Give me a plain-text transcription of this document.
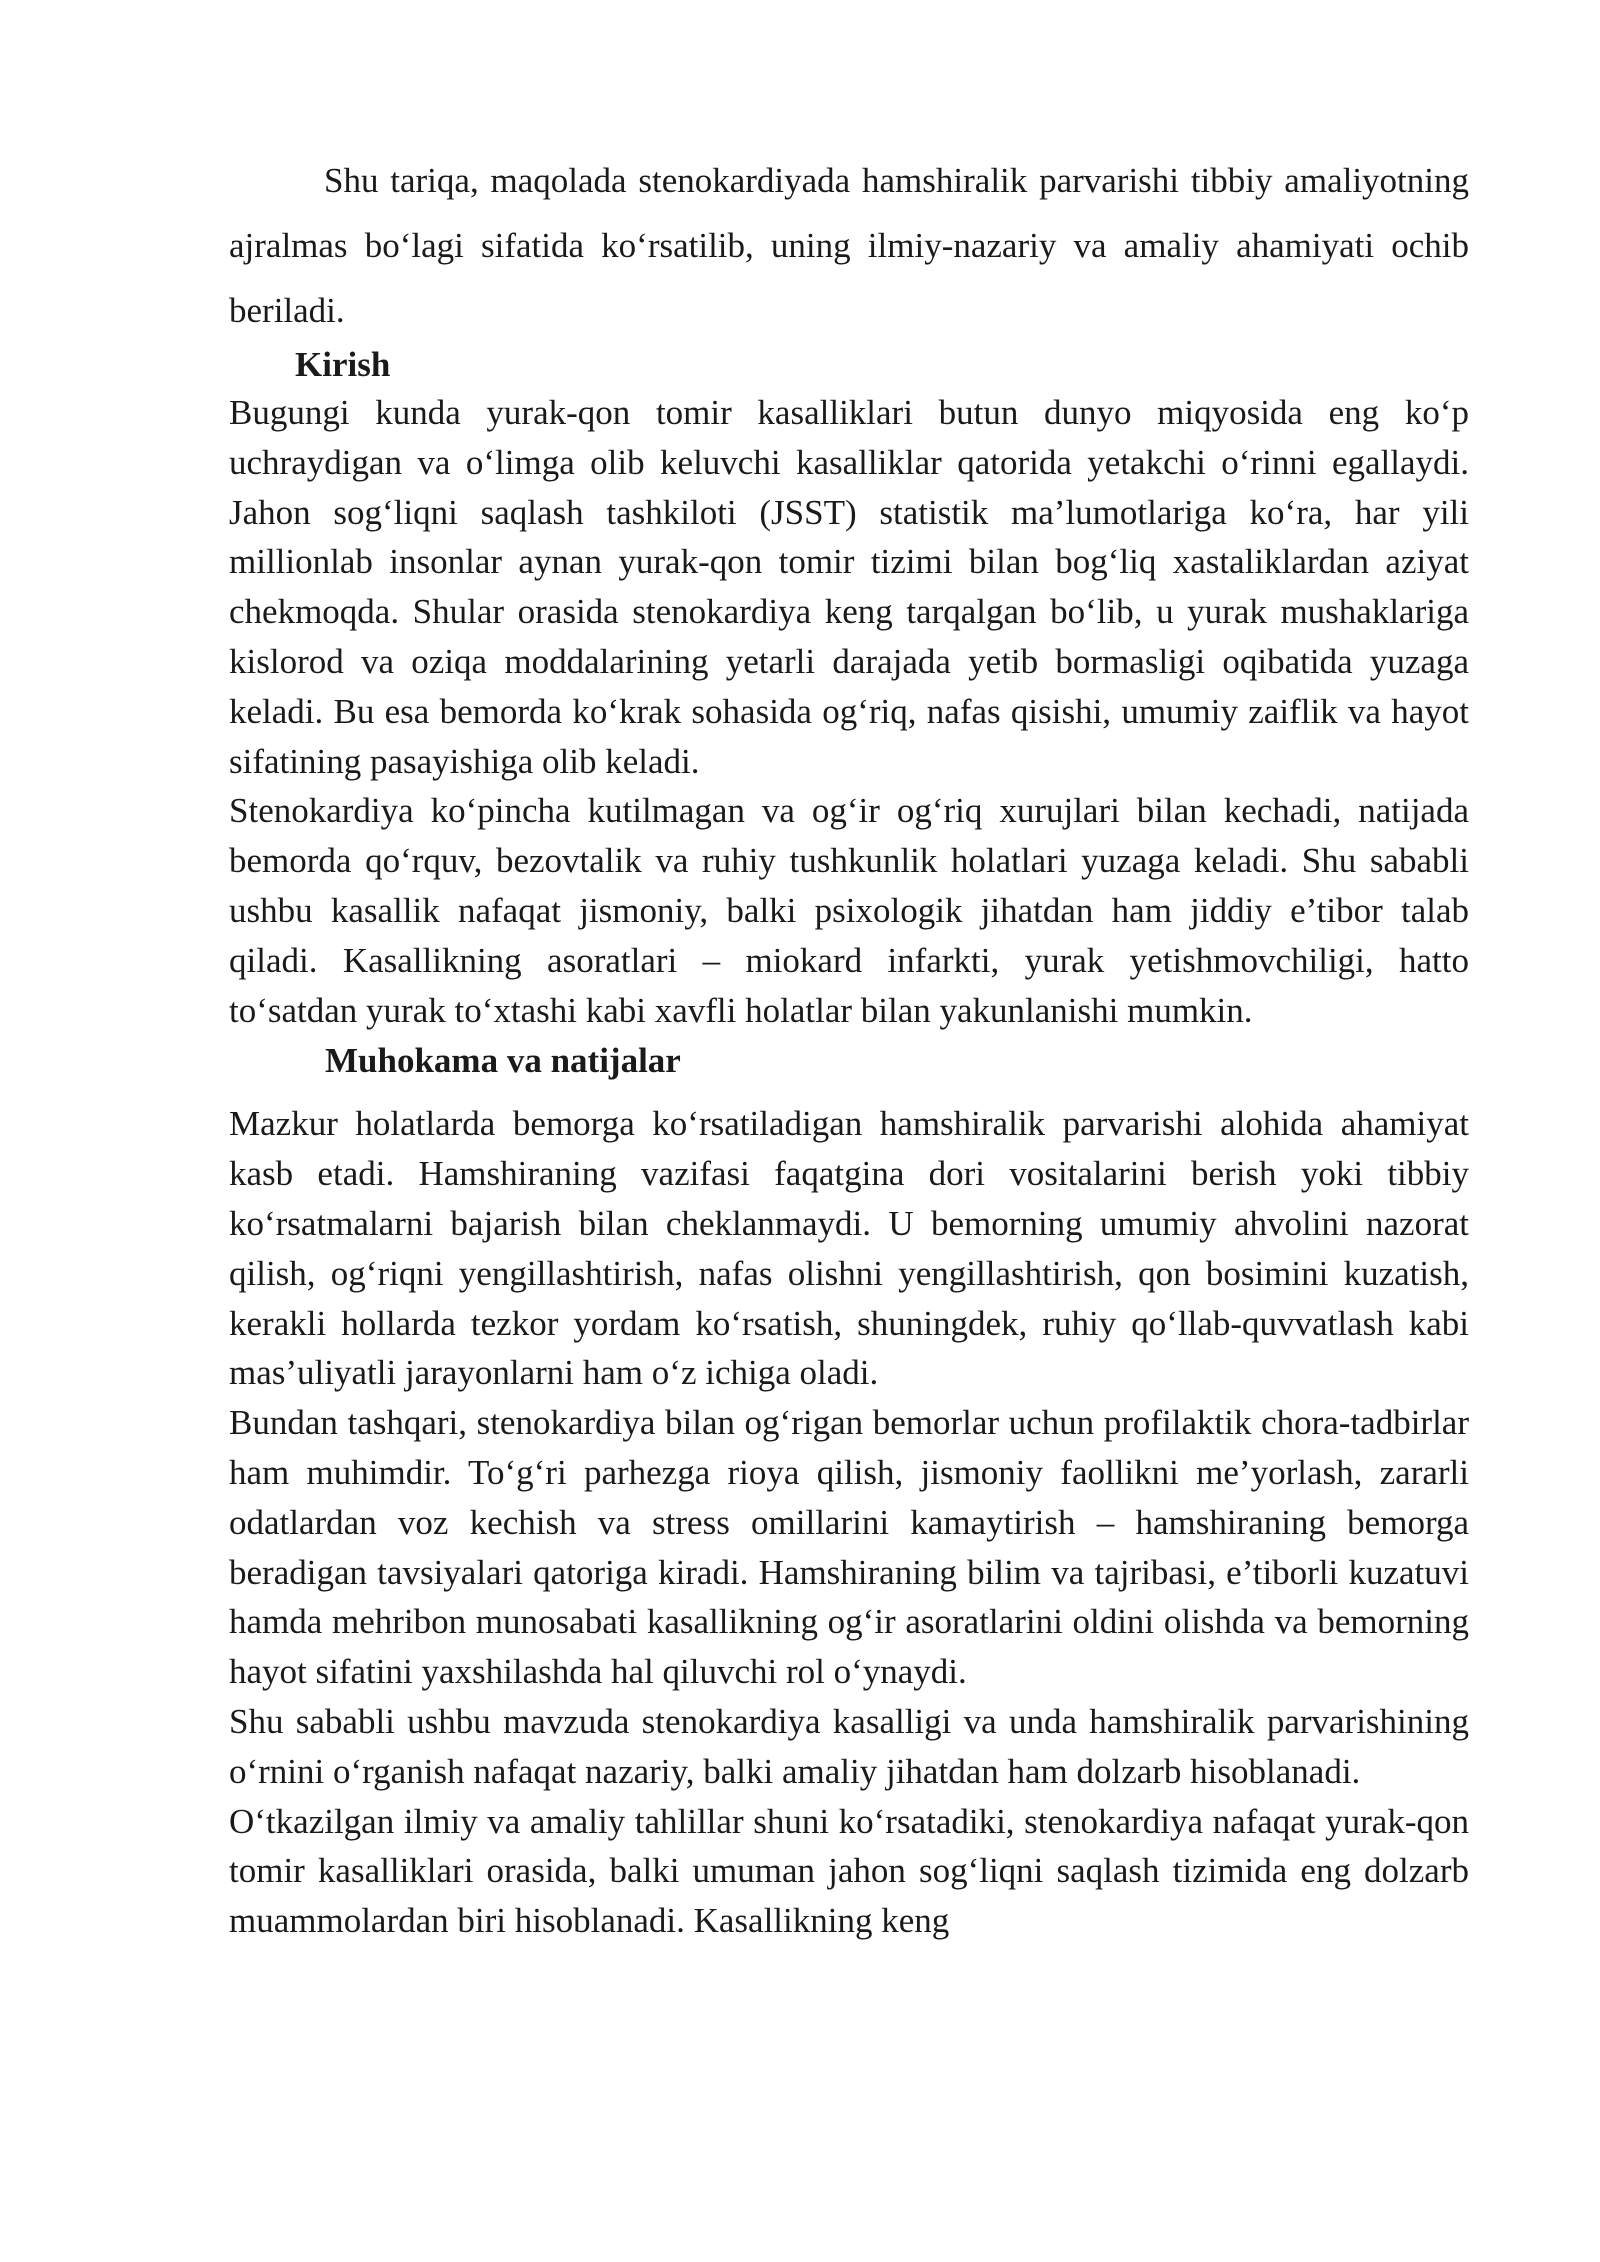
Shu tariqa, maqolada stenokardiyada hamshiralik parvarishi tibbiy amaliyotning ajralmas bo‘lagi sifatida ko‘rsatilib, uning ilmiy-nazariy va amaliy ahamiyati ochib beriladi.

Kirish

Bugungi kunda yurak-qon tomir kasalliklari butun dunyo miqyosida eng ko‘p uchraydigan va o‘limga olib keluvchi kasalliklar qatorida yetakchi o‘rinni egallaydi. Jahon sog‘liqni saqlash tashkiloti (JSST) statistik ma’lumotlariga ko‘ra, har yili millionlab insonlar aynan yurak-qon tomir tizimi bilan bog‘liq xastaliklardan aziyat chekmoqda. Shular orasida stenokardiya keng tarqalgan bo‘lib, u yurak mushaklariga kislorod va oziqa moddalarining yetarli darajada yetib bormasligi oqibatida yuzaga keladi. Bu esa bemorda ko‘krak sohasida og‘riq, nafas qisishi, umumiy zaiflik va hayot sifatining pasayishiga olib keladi.

Stenokardiya ko‘pincha kutilmagan va og‘ir og‘riq xurujlari bilan kechadi, natijada bemorda qo‘rquv, bezovtalik va ruhiy tushkunlik holatlari yuzaga keladi. Shu sababli ushbu kasallik nafaqat jismoniy, balki psixologik jihatdan ham jiddiy e’tibor talab qiladi. Kasallikning asoratlari – miokard infarkti, yurak yetishmovchiligi, hatto to‘satdan yurak to‘xtashi kabi xavfli holatlar bilan yakunlanishi mumkin.

Muhokama va natijalar

Mazkur holatlarda bemorga ko‘rsatiladigan hamshiralik parvarishi alohida ahamiyat kasb etadi. Hamshiraning vazifasi faqatgina dori vositalarini berish yoki tibbiy ko‘rsatmalarni bajarish bilan cheklanmaydi. U bemorning umumiy ahvolini nazorat qilish, og‘riqni yengillashtirish, nafas olishni yengillashtirish, qon bosimini kuzatish, kerakli hollarda tezkor yordam ko‘rsatish, shuningdek, ruhiy qo‘llab-quvvatlash kabi mas’uliyatli jarayonlarni ham o‘z ichiga oladi.

Bundan tashqari, stenokardiya bilan og‘rigan bemorlar uchun profilaktik chora-tadbirlar ham muhimdir. To‘g‘ri parhezga rioya qilish, jismoniy faollikni me’yorlash, zararli odatlardan voz kechish va stress omillarini kamaytirish – hamshiraning bemorga beradigan tavsiyalari qatoriga kiradi. Hamshiraning bilim va tajribasi, e’tiborli kuzatuvi hamda mehribon munosabati kasallikning og‘ir asoratlarini oldini olishda va bemorning hayot sifatini yaxshilashda hal qiluvchi rol o‘ynaydi.

Shu sababli ushbu mavzuda stenokardiya kasalligi va unda hamshiralik parvarishining o‘rnini o‘rganish nafaqat nazariy, balki amaliy jihatdan ham dolzarb hisoblanadi.

O‘tkazilgan ilmiy va amaliy tahlillar shuni ko‘rsatadiki, stenokardiya nafaqat yurak-qon tomir kasalliklari orasida, balki umuman jahon sog‘liqni saqlash tizimida eng dolzarb muammolardan biri hisoblanadi. Kasallikning keng
